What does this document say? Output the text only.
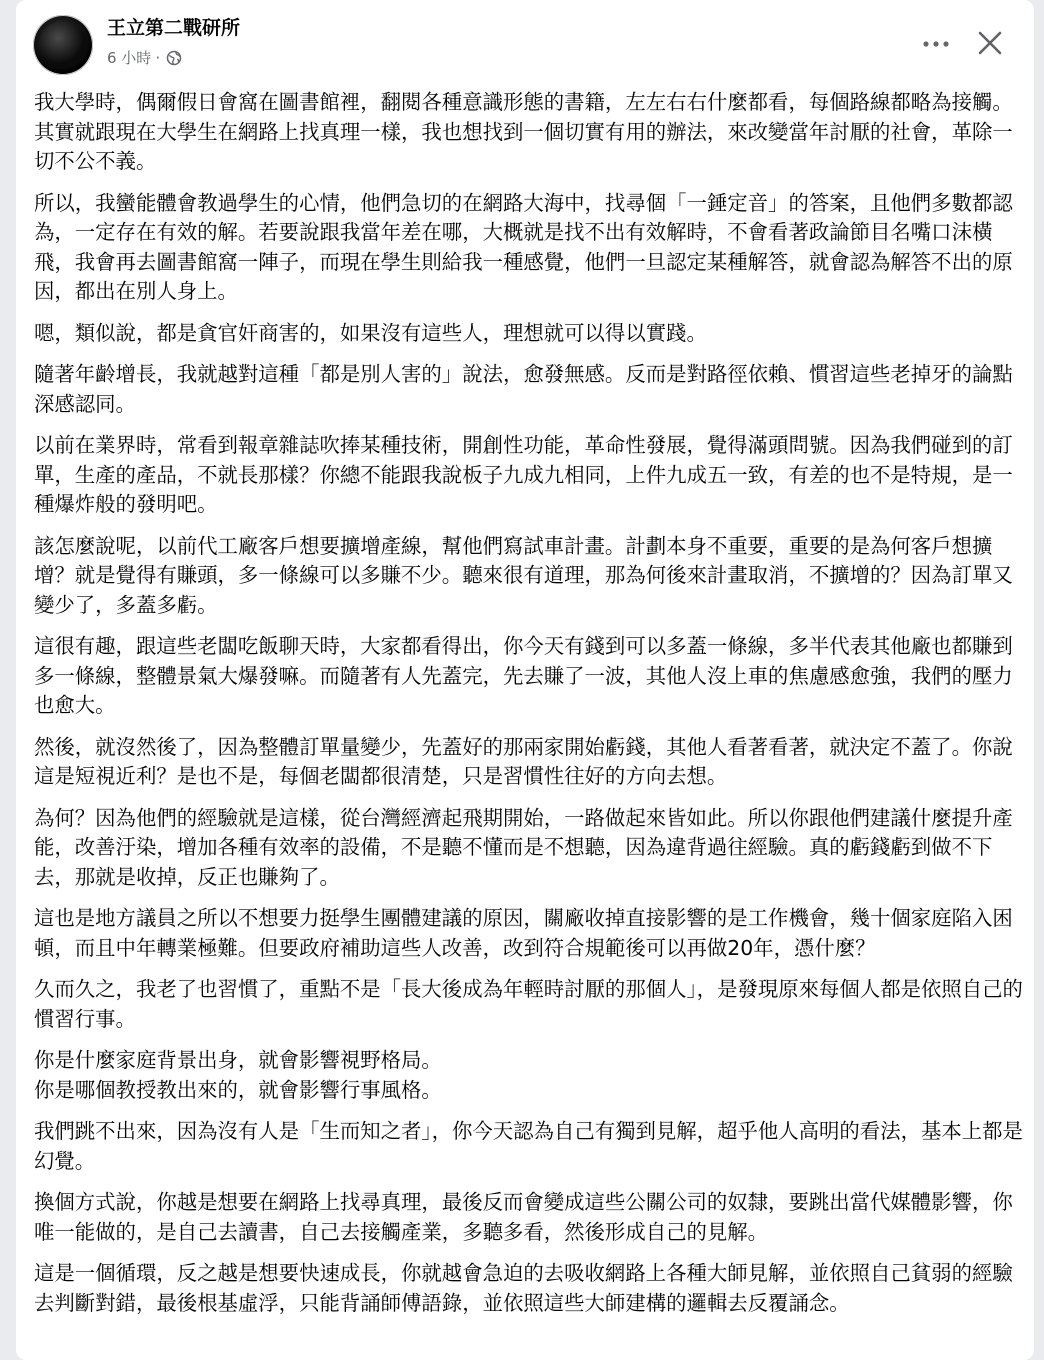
王立第二戰研所
6 小時 ·

我大學時，偶爾假日會窩在圖書館裡，翻閱各種意識形態的書籍，左左右右什麼都看，每個路線都略為接觸。其實就跟現在大學生在網路上找真理一樣，我也想找到一個切實有用的辦法，來改變當年討厭的社會，革除一切不公不義。

所以，我蠻能體會教過學生的心情，他們急切的在網路大海中，找尋個「一錘定音」的答案，且他們多數都認為，一定存在有效的解。若要說跟我當年差在哪，大概就是找不出有效解時，不會看著政論節目名嘴口沫橫飛，我會再去圖書館窩一陣子，而現在學生則給我一種感覺，他們一旦認定某種解答，就會認為解答不出的原因，都出在別人身上。

嗯，類似說，都是貪官奸商害的，如果沒有這些人，理想就可以得以實踐。

隨著年齡增長，我就越對這種「都是別人害的」說法，愈發無感。反而是對路徑依賴、慣習這些老掉牙的論點深感認同。

以前在業界時，常看到報章雜誌吹捧某種技術，開創性功能，革命性發展，覺得滿頭問號。因為我們碰到的訂單，生產的產品，不就長那樣？你總不能跟我說板子九成九相同，上件九成五一致，有差的也不是特規，是一種爆炸般的發明吧。

該怎麼說呢，以前代工廠客戶想要擴增產線，幫他們寫試車計畫。計劃本身不重要，重要的是為何客戶想擴增？就是覺得有賺頭，多一條線可以多賺不少。聽來很有道理，那為何後來計畫取消，不擴增的？因為訂單又變少了，多蓋多虧。

這很有趣，跟這些老闆吃飯聊天時，大家都看得出，你今天有錢到可以多蓋一條線，多半代表其他廠也都賺到多一條線，整體景氣大爆發嘛。而隨著有人先蓋完，先去賺了一波，其他人沒上車的焦慮感愈強，我們的壓力也愈大。

然後，就沒然後了，因為整體訂單量變少，先蓋好的那兩家開始虧錢，其他人看著看著，就決定不蓋了。你說這是短視近利？是也不是，每個老闆都很清楚，只是習慣性往好的方向去想。

為何？因為他們的經驗就是這樣，從台灣經濟起飛期開始，一路做起來皆如此。所以你跟他們建議什麼提升產能，改善汙染，增加各種有效率的設備，不是聽不懂而是不想聽，因為違背過往經驗。真的虧錢虧到做不下去，那就是收掉，反正也賺夠了。

這也是地方議員之所以不想要力挺學生團體建議的原因，關廠收掉直接影響的是工作機會，幾十個家庭陷入困頓，而且中年轉業極難。但要政府補助這些人改善，改到符合規範後可以再做20年，憑什麼？

久而久之，我老了也習慣了，重點不是「長大後成為年輕時討厭的那個人」，是發現原來每個人都是依照自己的慣習行事。

你是什麼家庭背景出身，就會影響視野格局。
你是哪個教授教出來的，就會影響行事風格。

我們跳不出來，因為沒有人是「生而知之者」，你今天認為自己有獨到見解，超乎他人高明的看法，基本上都是幻覺。

換個方式說，你越是想要在網路上找尋真理，最後反而會變成這些公關公司的奴隸，要跳出當代媒體影響，你唯一能做的，是自己去讀書，自己去接觸產業，多聽多看，然後形成自己的見解。

這是一個循環，反之越是想要快速成長，你就越會急迫的去吸收網路上各種大師見解，並依照自己貧弱的經驗去判斷對錯，最後根基虛浮，只能背誦師傅語錄，並依照這些大師建構的邏輯去反覆誦念。
